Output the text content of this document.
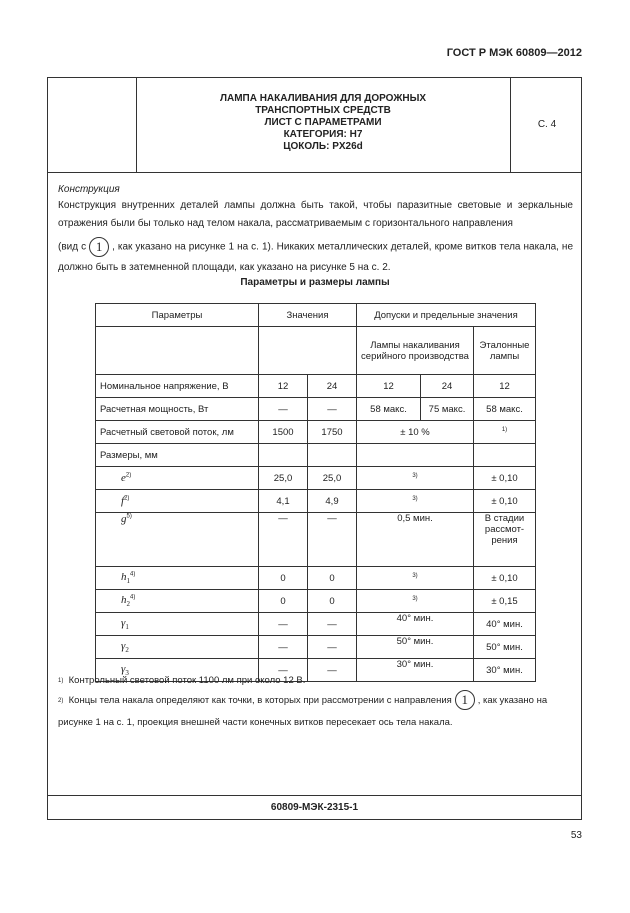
ГОСТ Р МЭК 60809—2012
ЛАМПА НАКАЛИВАНИЯ ДЛЯ ДОРОЖНЫХ
ТРАНСПОРТНЫХ СРЕДСТВ
ЛИСТ С ПАРАМЕТРАМИ
КАТЕГОРИЯ: H7
ЦОКОЛЬ: PX26d
С. 4
Конструкция
Конструкция внутренних деталей лампы должна быть такой, чтобы паразитные световые и зеркальные отражения были бы только над телом накала, рассматриваемым с горизонтального направления
(вид с 1 , как указано на рисунке 1 на с. 1). Никаких металлических деталей, кроме витков тела накала, не должно быть в затемненной площади, как указано на рисунке 5 на с. 2.
Параметры и размеры лампы
Параметры	Значения		Допуски и предельные значения		
			Лампы накаливания серийного производства		Эталонные лампы
Номинальное напряжение, В	12	24	12	24	12
Расчетная мощность, Вт	—	—	58 макс.	75 макс.	58 макс.
Расчетный световой поток, лм	1500	1750	± 10 %		$^{1)}$
Размеры, мм					
$e^{2)}$	25,0	25,0	$^{3)}$		± 0,10
$f^{2)}$	4,1	4,9	$^{3)}$		± 0,10
$g^{5)}$	—	—	0,5 мин.		В стадии рассмот-рения
$h_1^{4)}$	0	0	$^{3)}$		± 0,10
$h_2^{4)}$	0	0	$^{3)}$		± 0,15
$\gamma_1$	—	—	40° мин.		40° мин.
$\gamma_2$	—	—	50° мин.		50° мин.
$\gamma_3$	—	—	30° мин.		30° мин.
$^{1)}$ Контрольный световой поток 1100 лм при около 12 В.
$^{2)}$ Концы тела накала определяют как точки, в которых при рассмотрении с направления 1 , как указано на рисунке 1 на с. 1, проекция внешней части конечных витков пересекает ось тела накала.
60809-МЭК-2315-1
53
